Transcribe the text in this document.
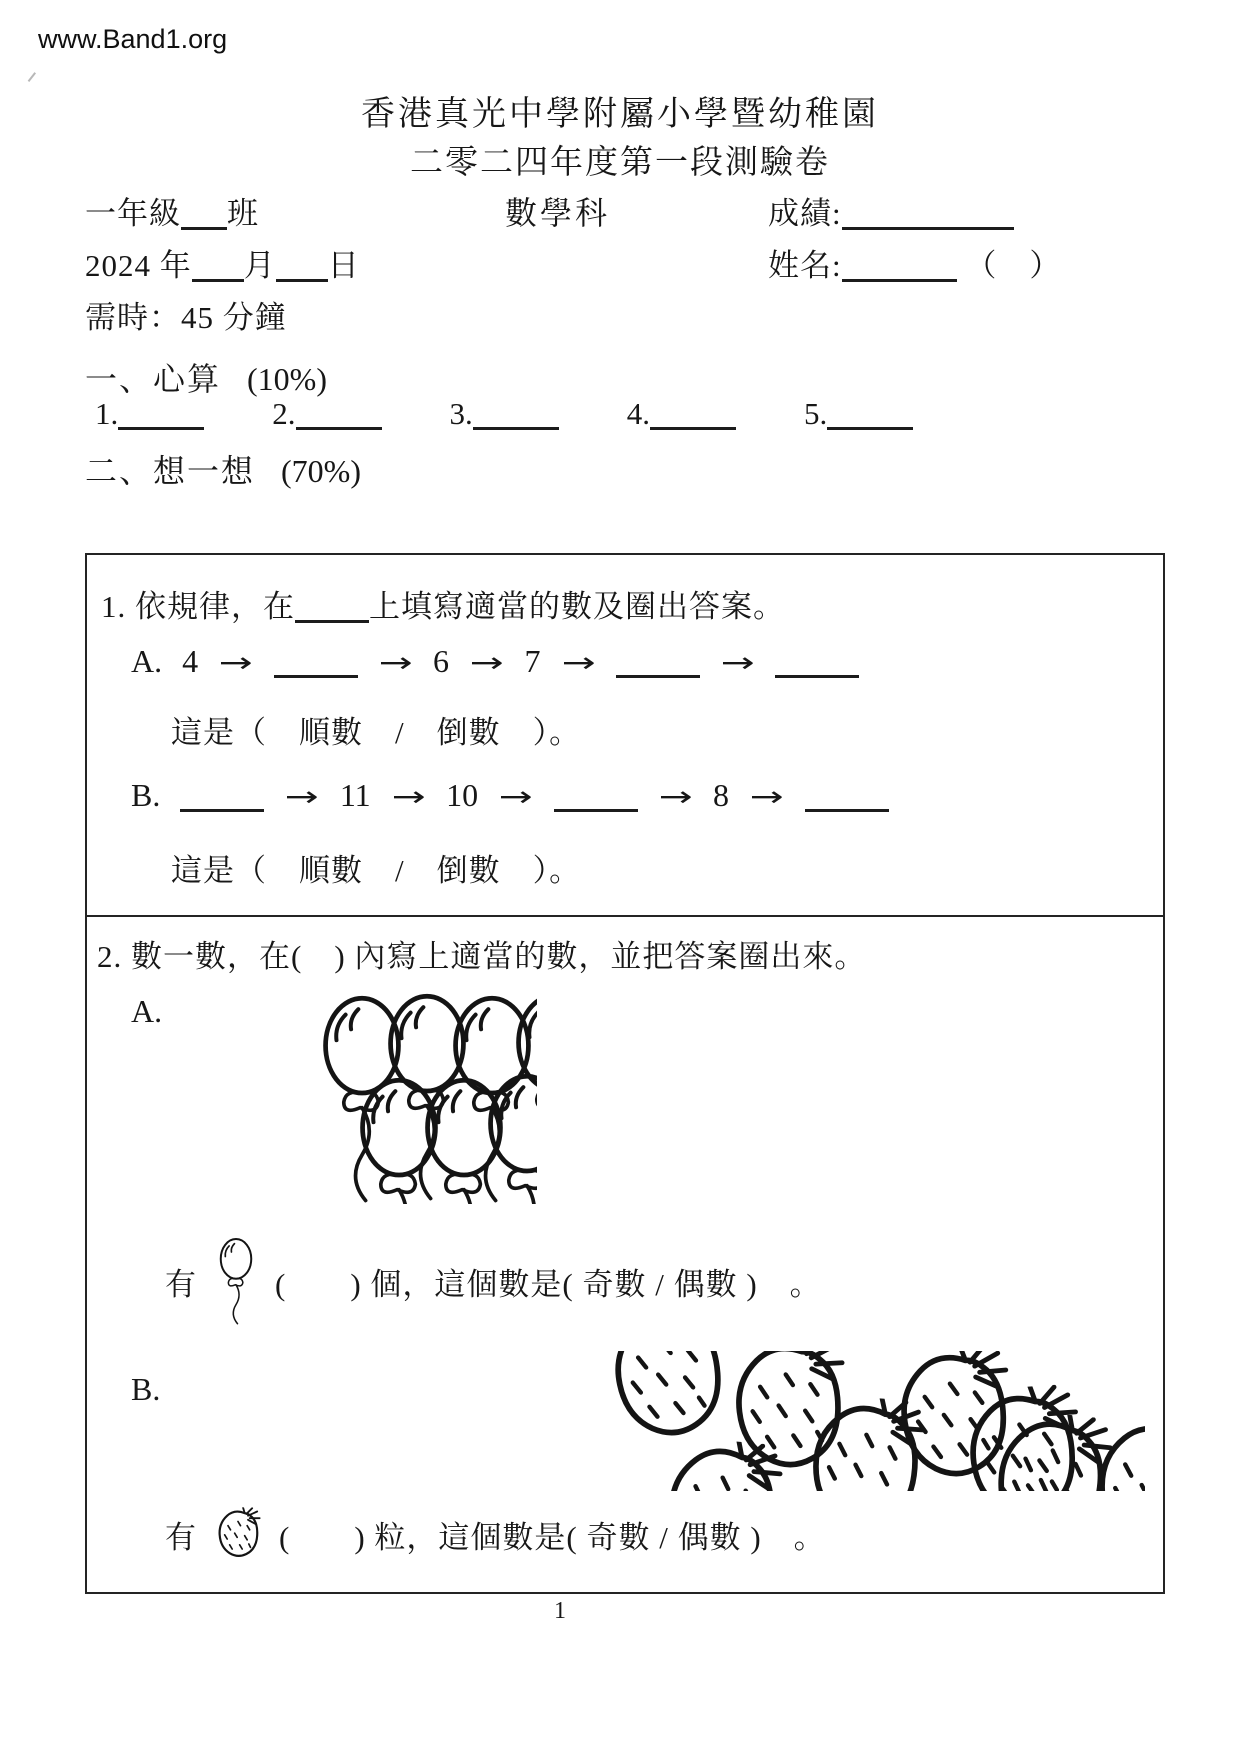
www.Band1.org
香港真光中學附屬小學暨幼稚園
二零二四年度第一段測驗卷
一年級 班	數學科	成績:
2024 年 月 日	姓名:	（　）
需時：45 分鐘
一、心算 (10%)
1.	2.	3.	4.	5.
二、想一想 (70%)
1. 依規律，在 上填寫適當的數及圈出答案。
A. 4 →	→ 6 → 7 →	→
這是（　順數　/　倒數　）。
B.	→ 11 → 10 →	→ 8 →
這是（　順數　/　倒數　）。
2. 數一數，在(　) 內寫上適當的數，並把答案圈出來。
A.
有	(　　) 個，這個數是( 奇數 / 偶數 )　。
B.
有	(　　) 粒，這個數是( 奇數 / 偶數 )　。
1
